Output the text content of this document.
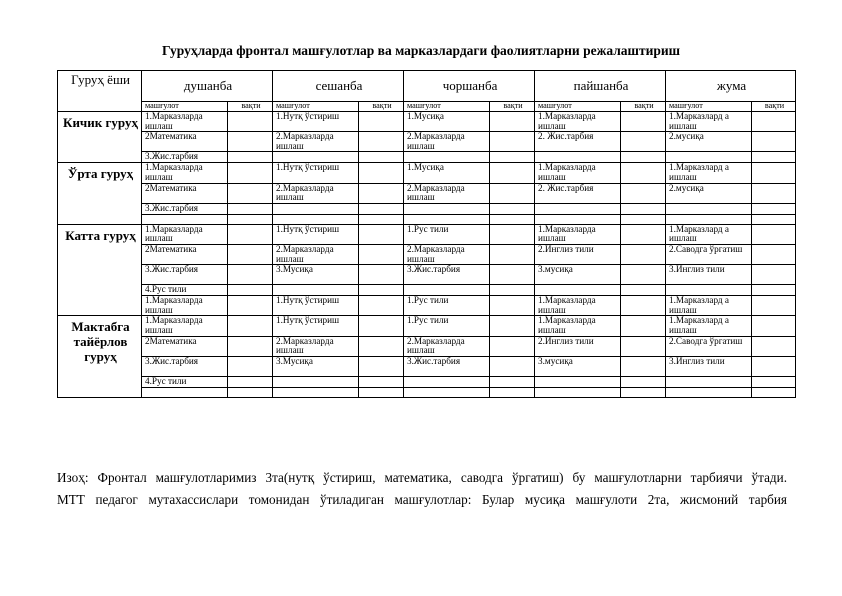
Гуруҳларда фронтал машғулотлар ва марказлардаги фаолиятларни режалаштириш
Гуруҳ ёши	душанба		сешанба		чоршанба		пайшанба		жума	
	машғулот	вақти	машғулот	вақти	машғулот	вақти	машғулот	вақти	машғулот	вақти
Кичик гуруҳ	1.Марказларда ишлаш		1.Нутқ ўстириш		1.Мусиқа		1.Марказларда ишлаш		1.Марказлард а ишлаш	
	2Математика		2.Марказларда ишлаш		2.Марказларда ишлаш		2. Жис.тарбия		2.мусиқа	
	3.Жис.тарбия									
Ўрта гуруҳ	1.Марказларда ишлаш		1.Нутқ ўстириш		1.Мусиқа		1.Марказларда ишлаш		1.Марказлард а ишлаш	
	2Математика		2.Марказларда ишлаш		2.Марказларда ишлаш		2. Жис.тарбия		2.мусиқа	
	3.Жис.тарбия									

Катта гуруҳ	1.Марказларда ишлаш		1.Нутқ ўстириш		1.Рус тили		1.Марказларда ишлаш		1.Марказлард а ишлаш	
	2Математика		2.Марказларда ишлаш		2.Марказларда ишлаш		2.Инглиз тили		2.Саводга ўргатиш	
	3.Жис.тарбия		3.Мусиқа		3.Жис.тарбия		3.мусиқа		3.Инглиз тили	
	4.Рус тили									
	1.Марказларда ишлаш		1.Нутқ ўстириш		1.Рус тили		1.Марказларда ишлаш		1.Марказлард а ишлаш	
Мактабга тайёрлов гуруҳ	1.Марказларда ишлаш		1.Нутқ ўстириш		1.Рус тили		1.Марказларда ишлаш		1.Марказлард а ишлаш	
	2Математика		2.Марказларда ишлаш		2.Марказларда ишлаш		2.Инглиз тили		2.Саводга ўргатиш	
	3.Жис.тарбия		3.Мусиқа		3.Жис.тарбия		3.мусиқа		3.Инглиз тили	
	4.Рус тили									

Изоҳ: Фронтал машғулотларимиз 3та(нутқ ўстириш, математика, саводга ўргатиш) бу машғулотларни тарбиячи ўтади.
МТТ педагог мутахассислари томонидан ўтиладиган машғулотлар: Булар мусиқа машғулоти 2та, жисмоний тарбия
